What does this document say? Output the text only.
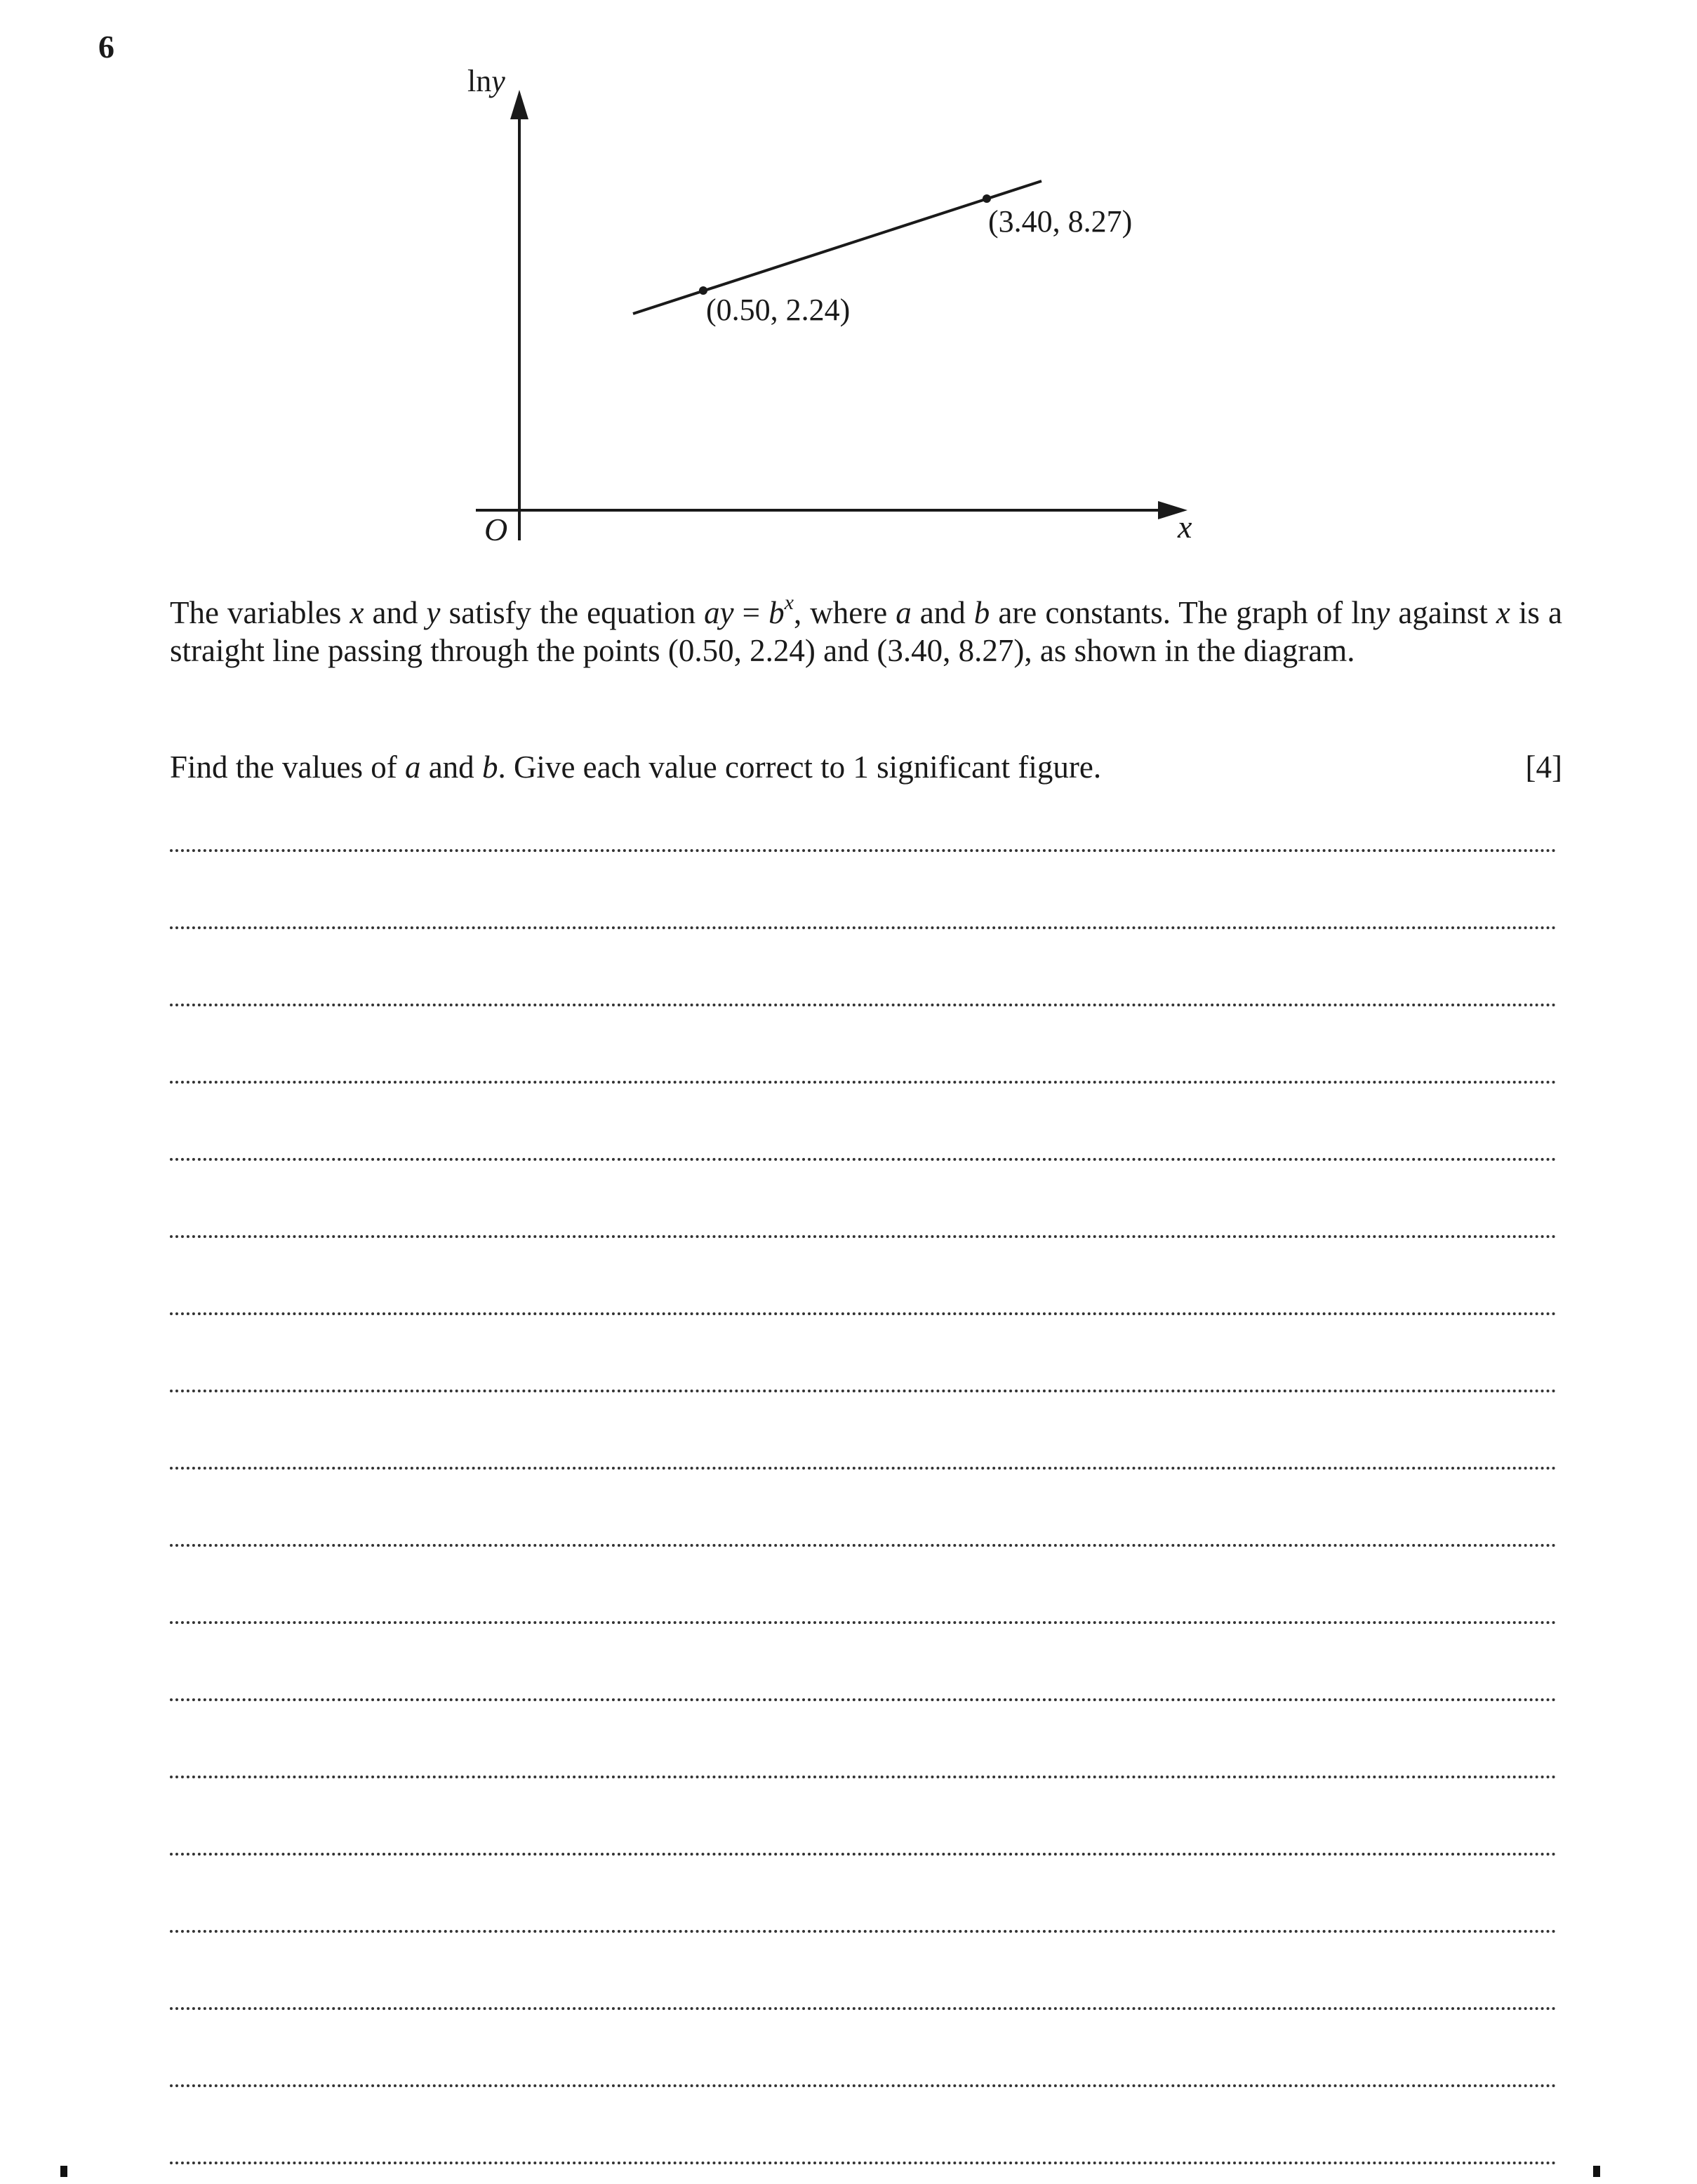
6
lny
x
O
(0.50, 2.24)
(3.40, 8.27)

The variables x and y satisfy the equation ay = $b^x$, where a and b are constants. The graph of lny against x is a straight line passing through the points (0.50, 2.24) and (3.40, 8.27), as shown in the diagram.

Find the values of a and b. Give each value correct to 1 significant figure.	[4]
